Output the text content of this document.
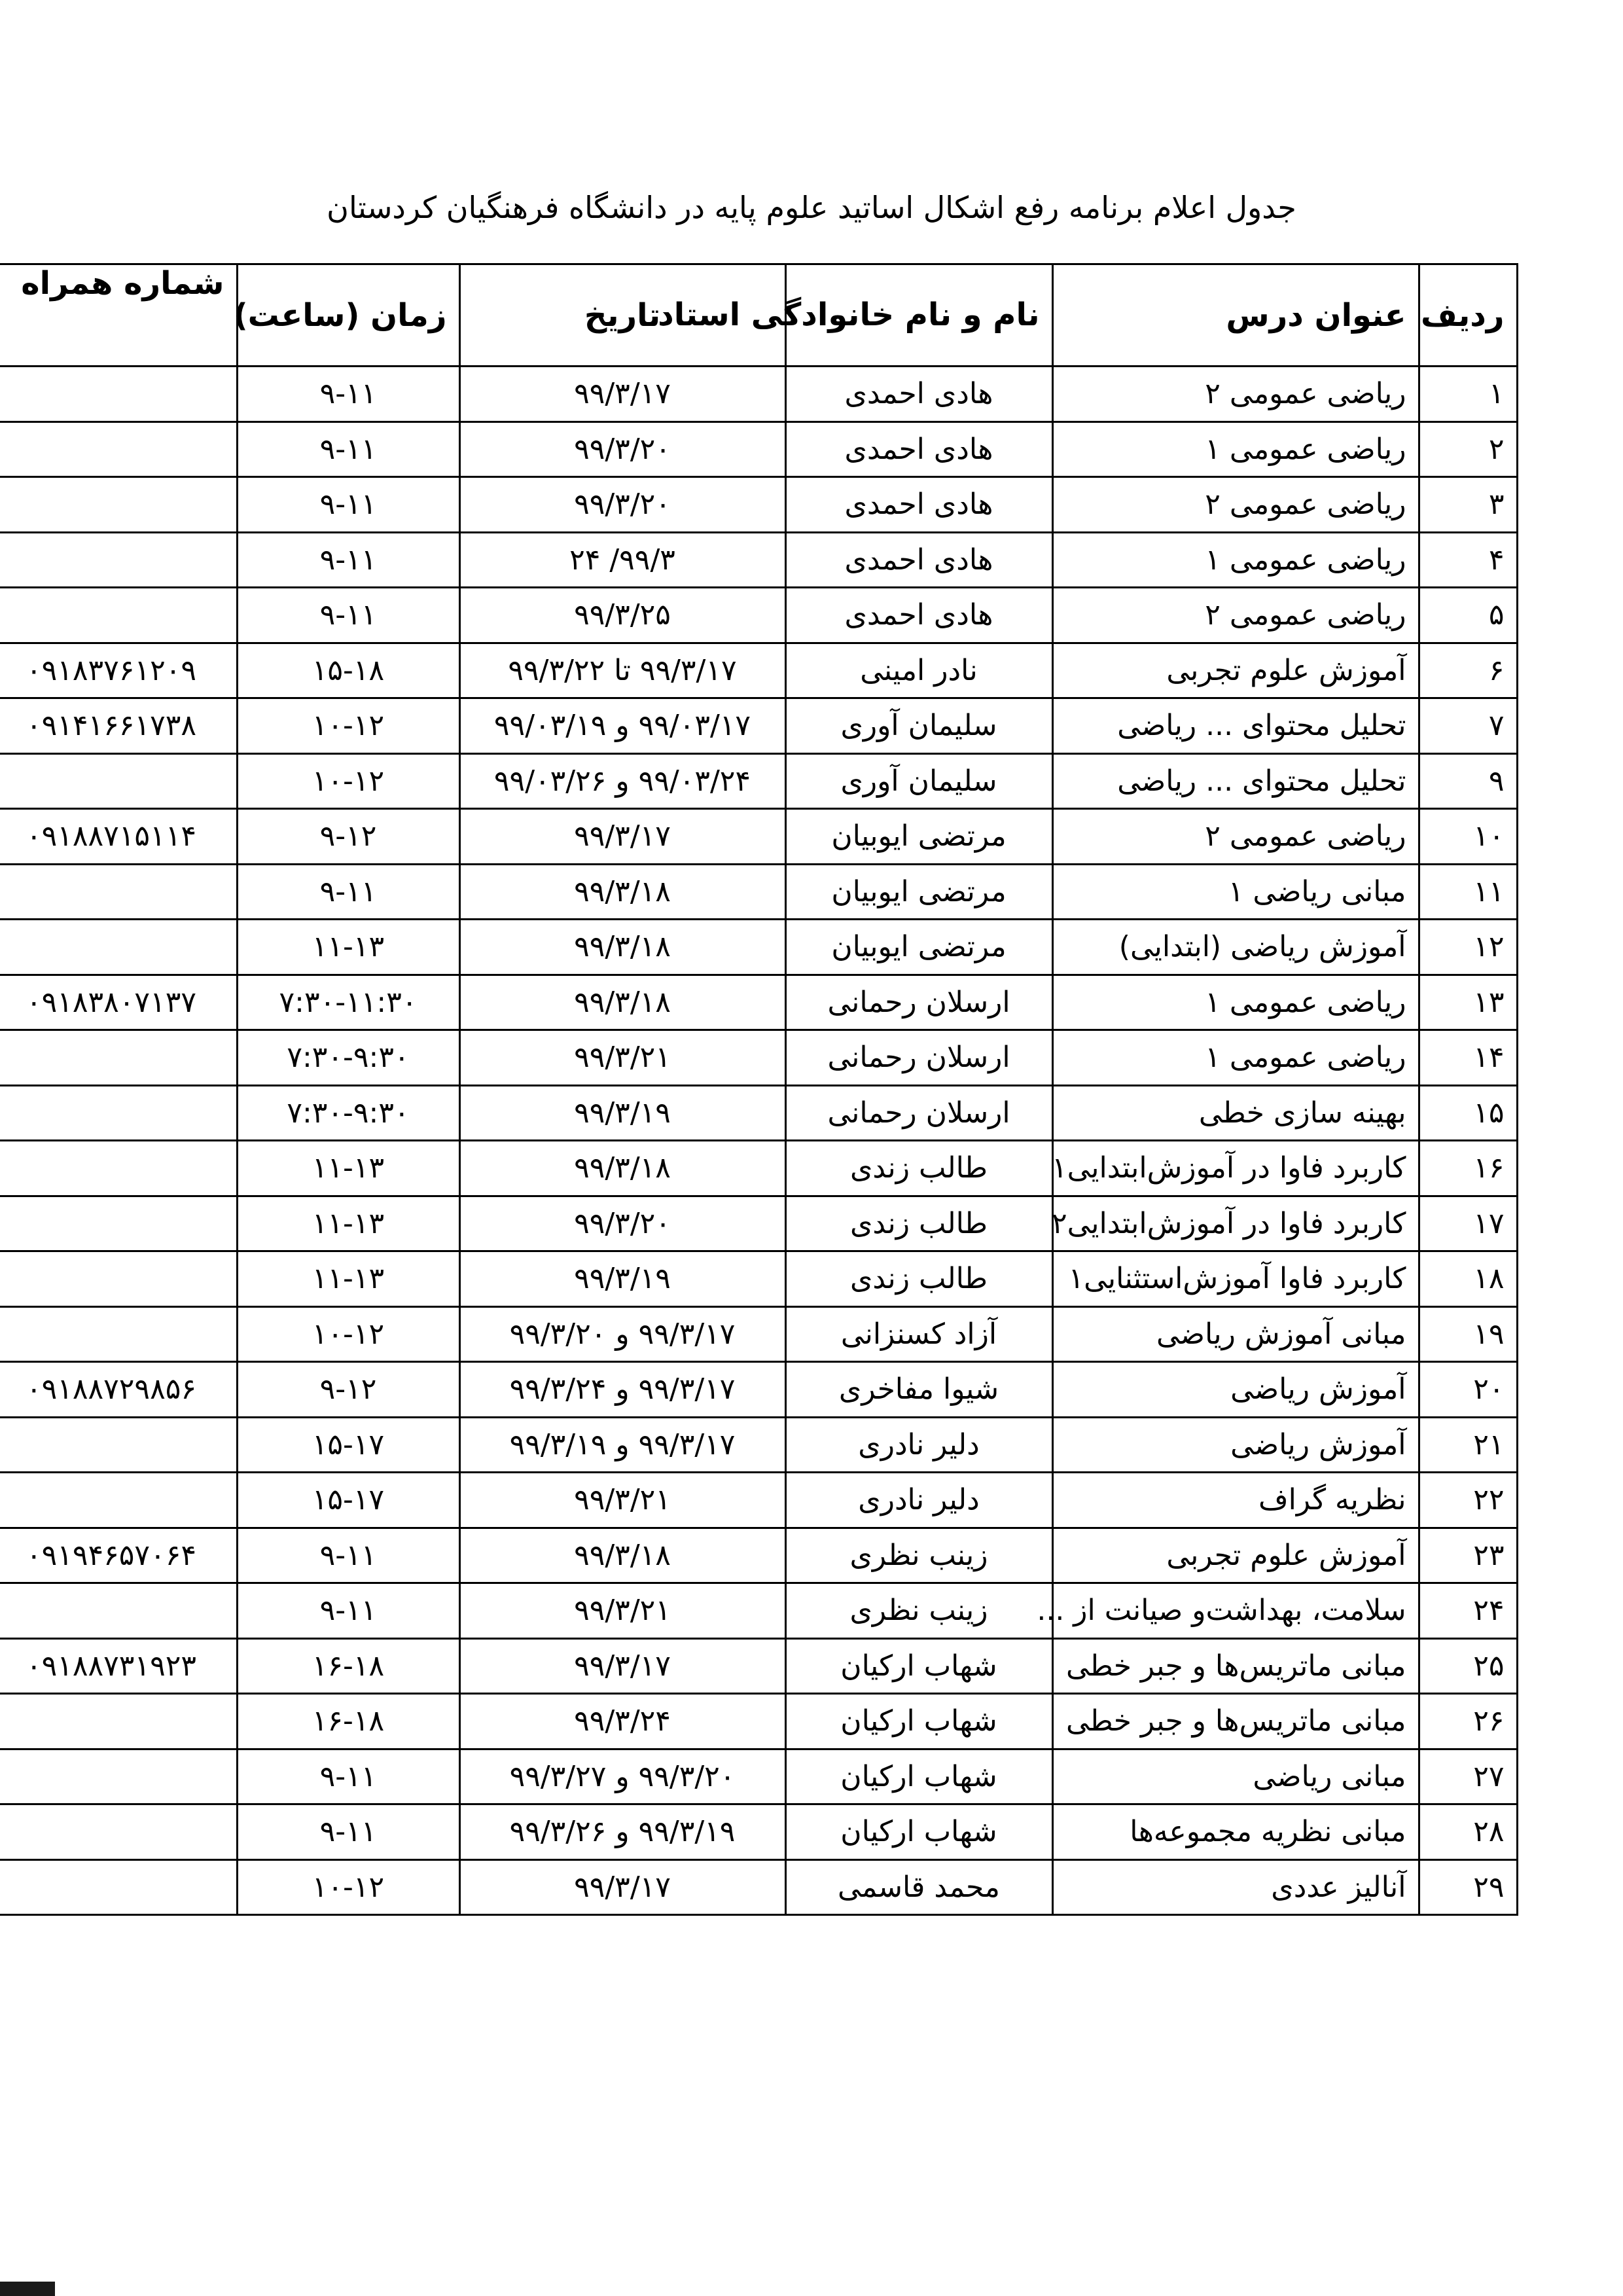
جدول اعلام برنامه رفع اشکال اساتید علوم پایه در دانشگاه فرهنگیان کردستان
ردیف	عنوان درس	نام و نام خانوادگی استاد	تاریخ	زمان (ساعت)	شماره همراه
۱	ریاضی عمومی ۲	هادی احمدی	۹۹/۳/۱۷	۹-۱۱	
۲	ریاضی عمومی ۱	هادی احمدی	۹۹/۳/۲۰	۹-۱۱	
۳	ریاضی عمومی ۲	هادی احمدی	۹۹/۳/۲۰	۹-۱۱	
۴	ریاضی عمومی ۱	هادی احمدی	۹۹/۳/ ۲۴	۹-۱۱	
۵	ریاضی عمومی ۲	هادی احمدی	۹۹/۳/۲۵	۹-۱۱	
۶	آموزش علوم تجربی	نادر امینی	۹۹/۳/۱۷ تا ۹۹/۳/۲۲	۱۵-۱۸	۰۹۱۸۳۷۶۱۲۰۹
۷	تحلیل محتوای ... ریاضی	سلیمان آوری	۹۹/۰۳/۱۷ و ۹۹/۰۳/۱۹	۱۰-۱۲	۰۹۱۴۱۶۶۱۷۳۸
۹	تحلیل محتوای ... ریاضی	سلیمان آوری	۹۹/۰۳/۲۴ و ۹۹/۰۳/۲۶	۱۰-۱۲	
۱۰	ریاضی عمومی ۲	مرتضی ایوبیان	۹۹/۳/۱۷	۹-۱۲	۰۹۱۸۸۷۱۵۱۱۴
۱۱	مبانی ریاضی ۱	مرتضی ایوبیان	۹۹/۳/۱۸	۹-۱۱	
۱۲	آموزش ریاضی (ابتدایی)	مرتضی ایوبیان	۹۹/۳/۱۸	۱۱-۱۳	
۱۳	ریاضی عمومی ۱	ارسلان رحمانی	۹۹/۳/۱۸	۷:۳۰-۱۱:۳۰	۰۹۱۸۳۸۰۷۱۳۷
۱۴	ریاضی عمومی ۱	ارسلان رحمانی	۹۹/۳/۲۱	۷:۳۰-۹:۳۰	
۱۵	بهینه سازی خطی	ارسلان رحمانی	۹۹/۳/۱۹	۷:۳۰-۹:۳۰	
۱۶	کاربرد فاوا در آموزش‌ابتدایی۱	طالب زندی	۹۹/۳/۱۸	۱۱-۱۳	
۱۷	کاربرد فاوا در آموزش‌ابتدایی۲	طالب زندی	۹۹/۳/۲۰	۱۱-۱۳	
۱۸	کاربرد فاوا آموزش‌استثنایی۱	طالب زندی	۹۹/۳/۱۹	۱۱-۱۳	
۱۹	مبانی آموزش ریاضی	آزاد کسنزانی	۹۹/۳/۱۷ و ۹۹/۳/۲۰	۱۰-۱۲	
۲۰	آموزش ریاضی	شیوا مفاخری	۹۹/۳/۱۷ و ۹۹/۳/۲۴	۹-۱۲	۰۹۱۸۸۷۲۹۸۵۶
۲۱	آموزش ریاضی	دلیر نادری	۹۹/۳/۱۷ و ۹۹/۳/۱۹	۱۵-۱۷	
۲۲	نظریه گراف	دلیر نادری	۹۹/۳/۲۱	۱۵-۱۷	
۲۳	آموزش علوم تجربی	زینب نظری	۹۹/۳/۱۸	۹-۱۱	۰۹۱۹۴۶۵۷۰۶۴
۲۴	سلامت، بهداشت‌و صیانت از ...	زینب نظری	۹۹/۳/۲۱	۹-۱۱	
۲۵	مبانی ماتریس‌ها و جبر خطی	شهاب ارکیان	۹۹/۳/۱۷	۱۶-۱۸	۰۹۱۸۸۷۳۱۹۲۳
۲۶	مبانی ماتریس‌ها و جبر خطی	شهاب ارکیان	۹۹/۳/۲۴	۱۶-۱۸	
۲۷	مبانی ریاضی	شهاب ارکیان	۹۹/۳/۲۰ و ۹۹/۳/۲۷	۹-۱۱	
۲۸	مبانی نظریه مجموعه‌ها	شهاب ارکیان	۹۹/۳/۱۹ و ۹۹/۳/۲۶	۹-۱۱	
۲۹	آنالیز عددی	محمد قاسمی	۹۹/۳/۱۷	۱۰-۱۲	
